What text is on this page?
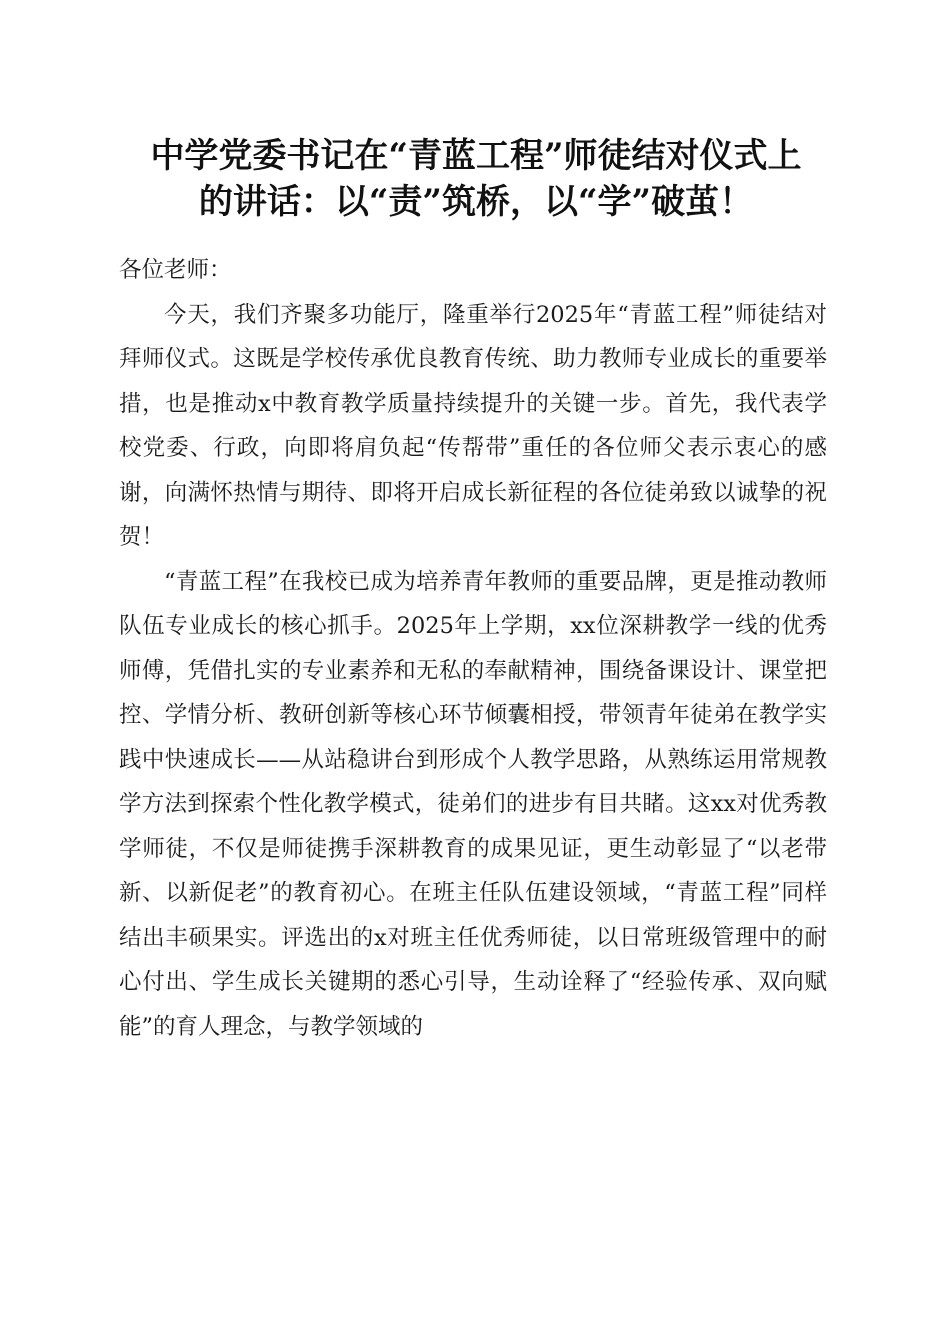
中学党委书记在“青蓝工程”师徒结对仪式上
的讲话：以“责”筑桥，以“学”破茧！

各位老师：

今天，我们齐聚多功能厅，隆重举行2025年“青蓝工程”师徒结对拜师仪式。这既是学校传承优良教育传统、助力教师专业成长的重要举措，也是推动x中教育教学质量持续提升的关键一步。首先，我代表学校党委、行政，向即将肩负起“传帮带”重任的各位师父表示衷心的感谢，向满怀热情与期待、即将开启成长新征程的各位徒弟致以诚挚的祝贺！

“青蓝工程”在我校已成为培养青年教师的重要品牌，更是推动教师队伍专业成长的核心抓手。2025年上学期，xx位深耕教学一线的优秀师傅，凭借扎实的专业素养和无私的奉献精神，围绕备课设计、课堂把控、学情分析、教研创新等核心环节倾囊相授，带领青年徒弟在教学实践中快速成长——从站稳讲台到形成个人教学思路，从熟练运用常规教学方法到探索个性化教学模式，徒弟们的进步有目共睹。这xx对优秀教学师徒，不仅是师徒携手深耕教育的成果见证，更生动彰显了“以老带新、以新促老”的教育初心。在班主任队伍建设领域，“青蓝工程”同样结出丰硕果实。评选出的x对班主任优秀师徒，以日常班级管理中的耐心付出、学生成长关键期的悉心引导，生动诠释了“经验传承、双向赋能”的育人理念，与教学领域的
